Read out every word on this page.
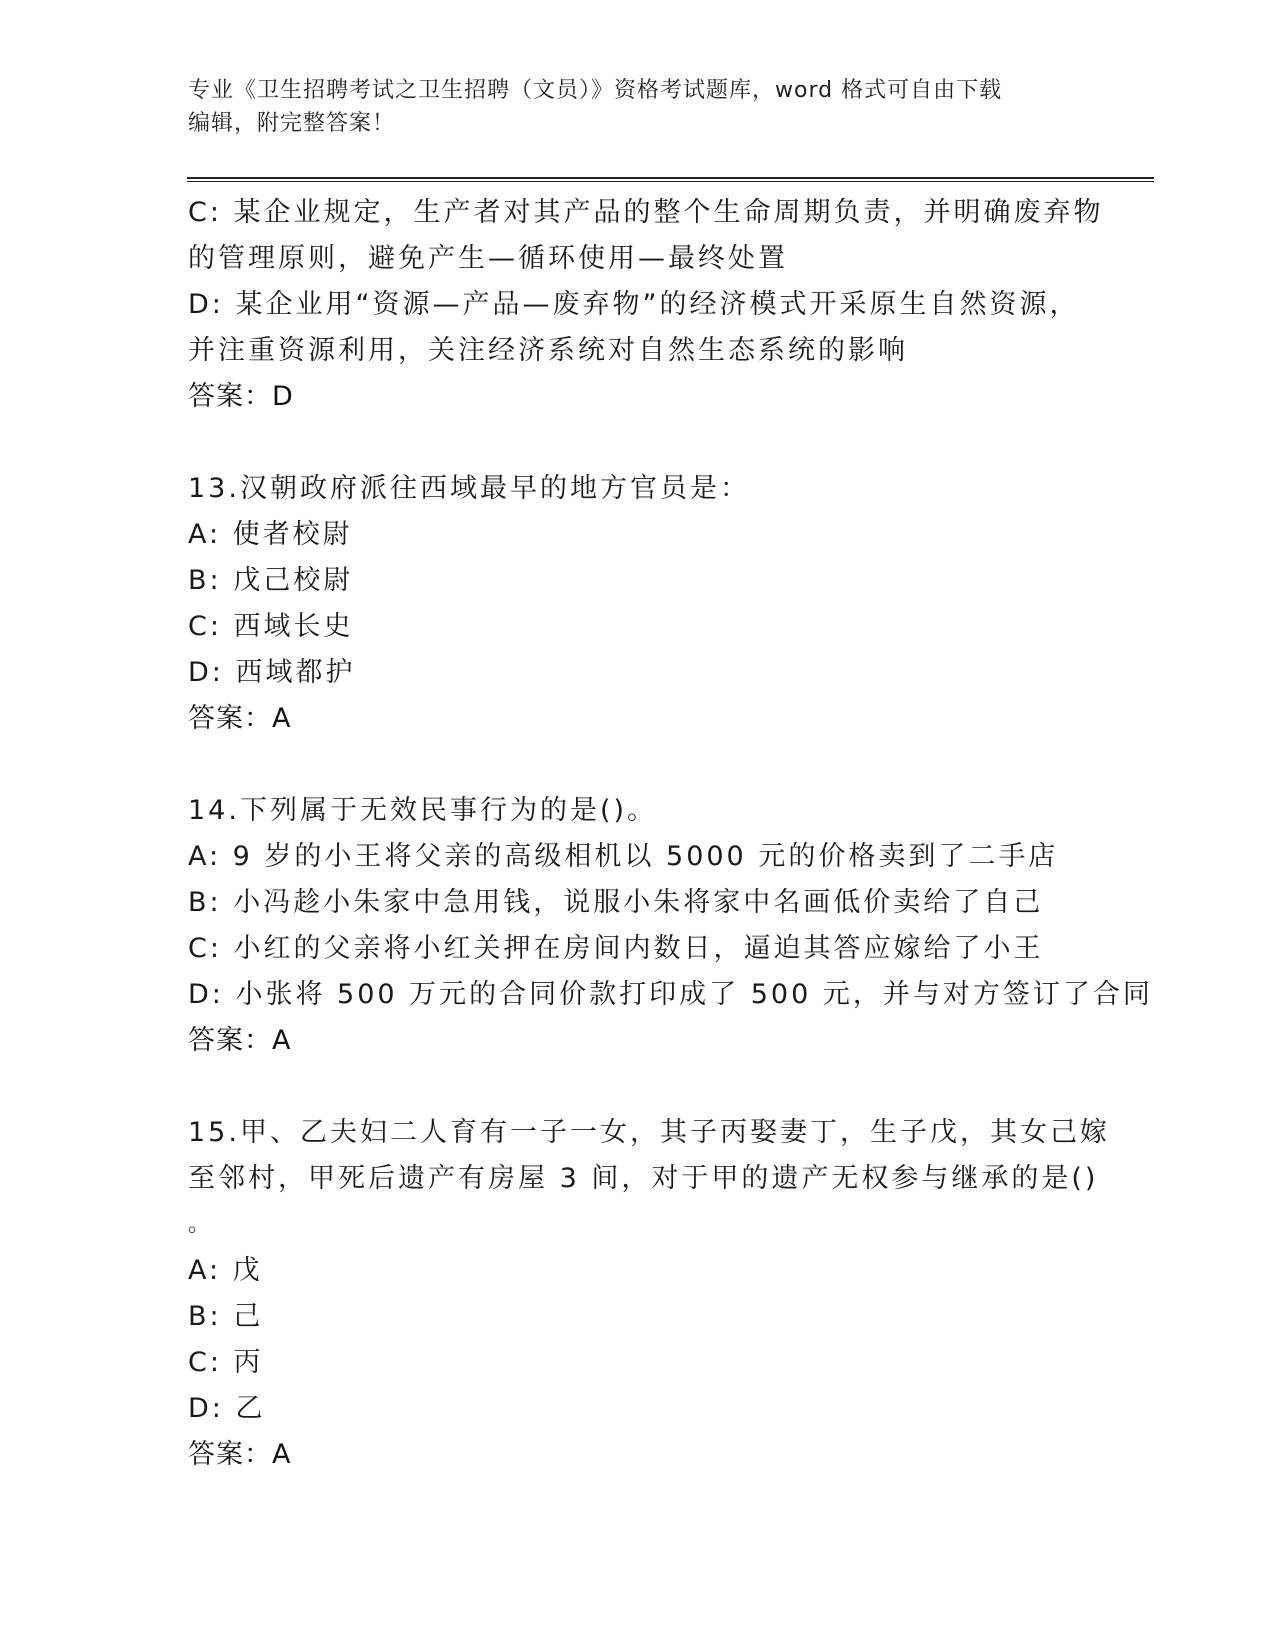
专业《卫生招聘考试之卫生招聘（文员）》资格考试题库，word 格式可自由下载
编辑，附完整答案！
C: 某企业规定，生产者对其产品的整个生命周期负责，并明确废弃物
的管理原则，避免产生—循环使用—最终处置
D: 某企业用“资源—产品—废弃物”的经济模式开采原生自然资源，
并注重资源利用，关注经济系统对自然生态系统的影响
答案：D
13.汉朝政府派往西域最早的地方官员是：
A: 使者校尉
B: 戊己校尉
C: 西域长史
D: 西域都护
答案：A
14.下列属于无效民事行为的是()。
A: 9 岁的小王将父亲的高级相机以 5000 元的价格卖到了二手店
B: 小冯趁小朱家中急用钱，说服小朱将家中名画低价卖给了自己
C: 小红的父亲将小红关押在房间内数日，逼迫其答应嫁给了小王
D: 小张将 500 万元的合同价款打印成了 500 元，并与对方签订了合同
答案：A
15.甲、乙夫妇二人育有一子一女，其子丙娶妻丁，生子戊，其女己嫁
至邻村，甲死后遗产有房屋 3 间，对于甲的遗产无权参与继承的是()
。
A: 戊
B: 己
C: 丙
D: 乙
答案：A
